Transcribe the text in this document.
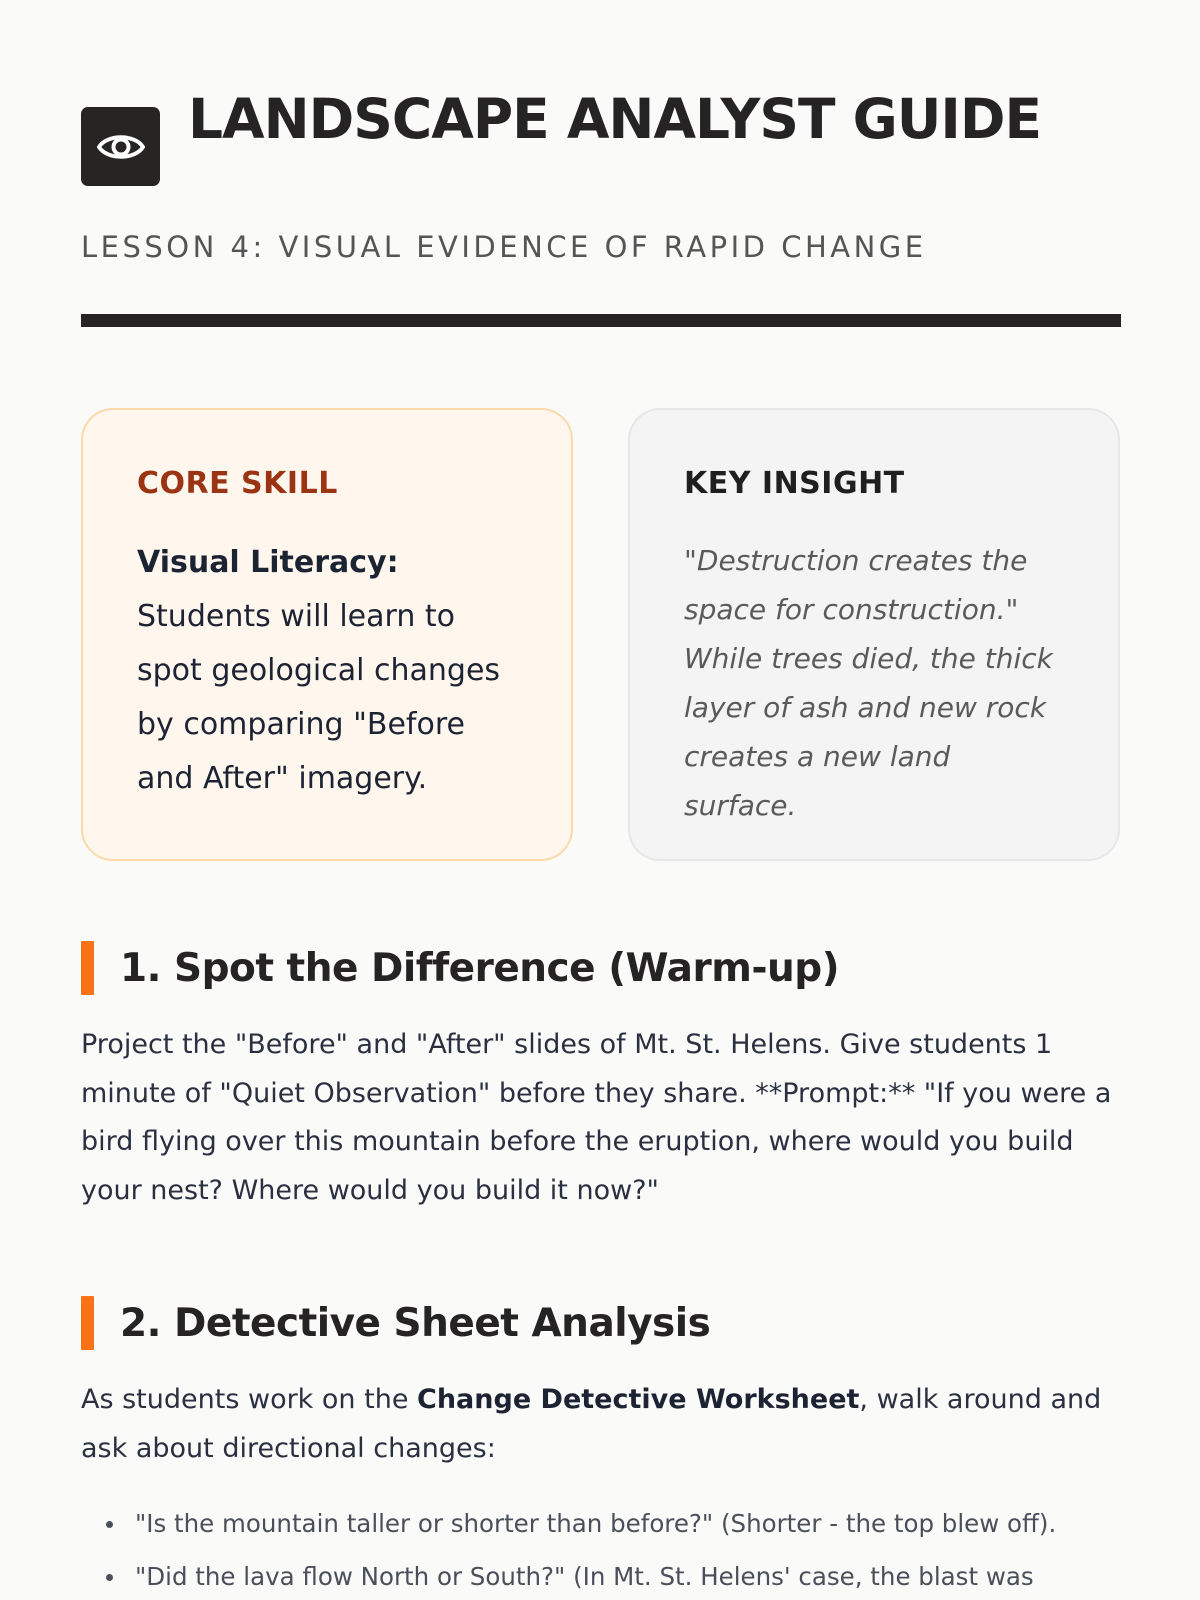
LANDSCAPE ANALYST GUIDE
LESSON 4: VISUAL EVIDENCE OF RAPID CHANGE
CORE SKILL

Visual Literacy: Students will learn to spot geological changes by comparing "Before and After" imagery.

KEY INSIGHT

"Destruction creates the space for construction." While trees died, the thick layer of ash and new rock creates a new land surface.

1. Spot the Difference (Warm-up)

Project the "Before" and "After" slides of Mt. St. Helens. Give students 1 minute of "Quiet Observation" before they share. **Prompt:** "If you were a bird flying over this mountain before the eruption, where would you build your nest? Where would you build it now?"

2. Detective Sheet Analysis

As students work on the Change Detective Worksheet, walk around and ask about directional changes:

"Is the mountain taller or shorter than before?" (Shorter - the top blew off).
"Did the lava flow North or South?" (In Mt. St. Helens' case, the blast was
